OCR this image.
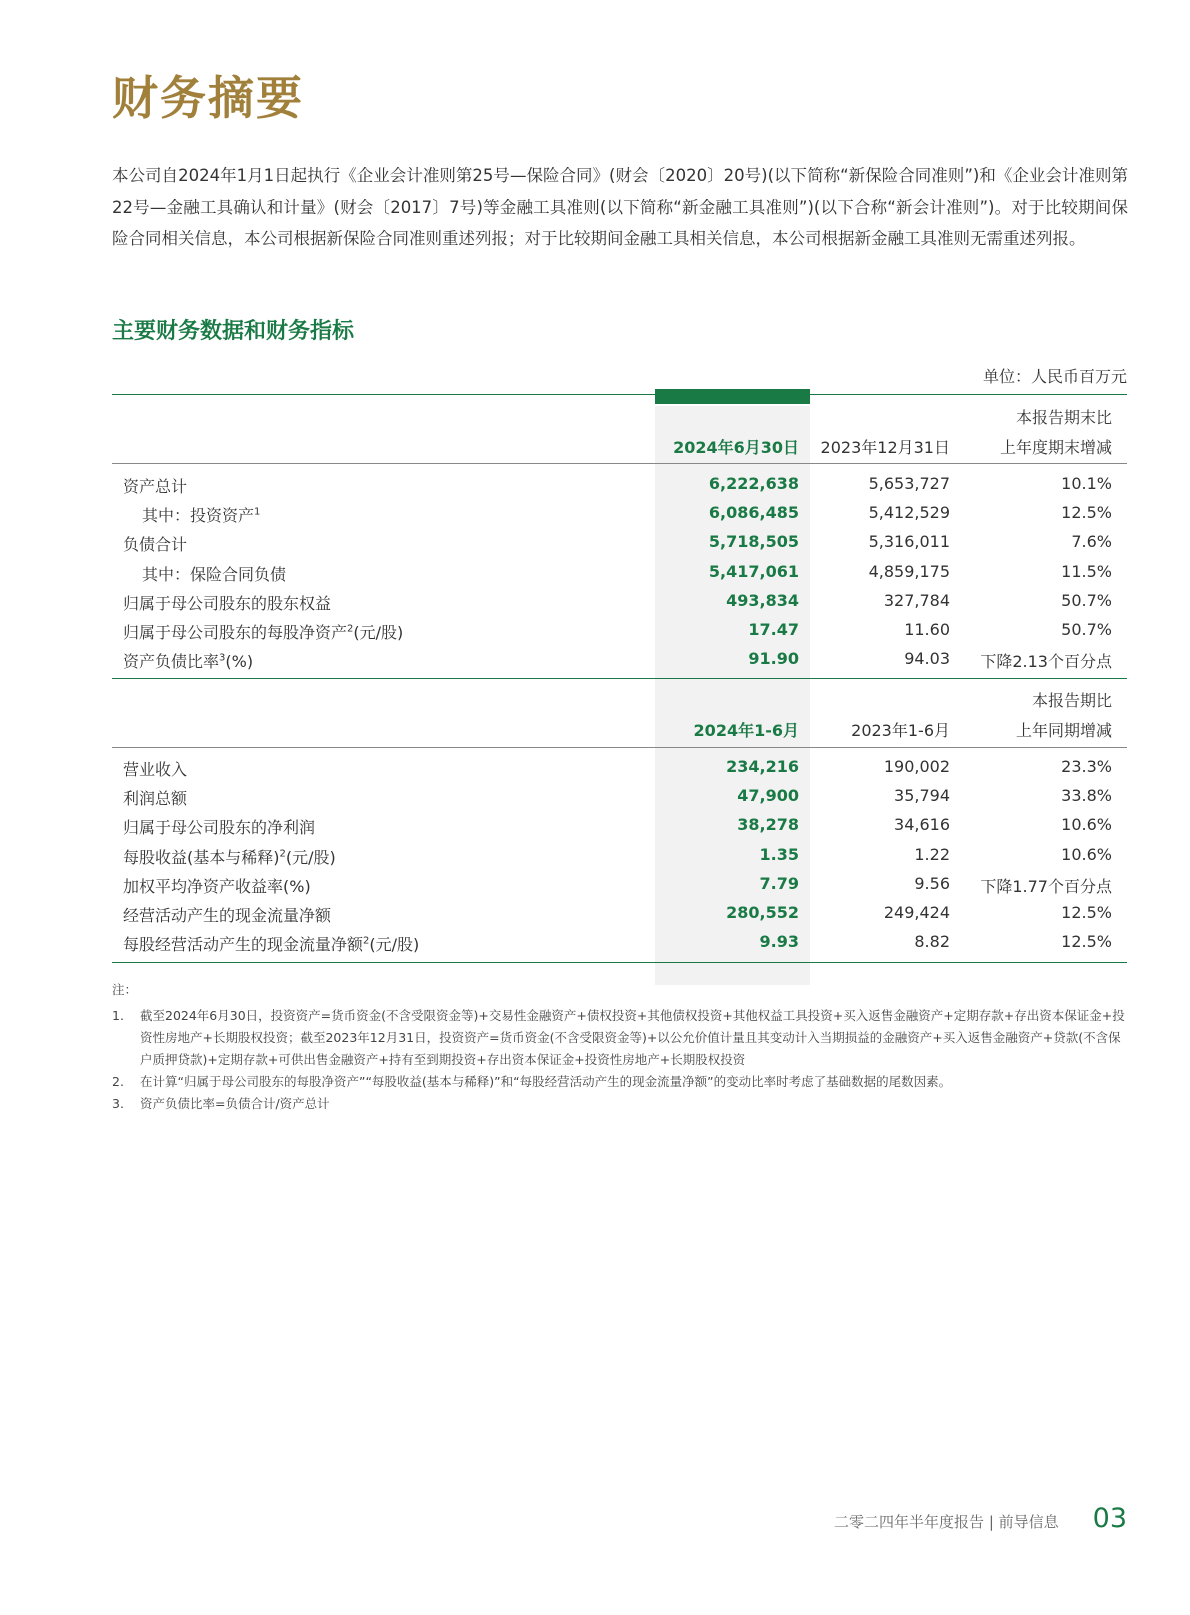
财务摘要

本公司自2024年1月1日起执行《企业会计准则第25号—保险合同》(财会〔2020〕20号)(以下简称“新保险合同准则”)和《企业会计准则第22号—金融工具确认和计量》(财会〔2017〕7号)等金融工具准则(以下简称“新金融工具准则”)(以下合称“新会计准则”)。对于比较期间保险合同相关信息，本公司根据新保险合同准则重述列报；对于比较期间金融工具相关信息，本公司根据新金融工具准则无需重述列报。

主要财务数据和财务指标
单位：人民币百万元
本报告期末比
2024年6月30日 2023年12月31日	上年度期末增减
资产总计	6,222,638	5,653,727	10.1%
其中：投资资产$^1$	6,086,485	5,412,529	12.5%
负债合计	5,718,505	5,316,011	7.6%
其中：保险合同负债	5,417,061	4,859,175	11.5%
归属于母公司股东的股东权益	493,834	327,784	50.7%
归属于母公司股东的每股净资产$^2$(元/股)	17.47	11.60	50.7%
资产负债比率$^3$(%)	91.90	94.03 下降2.13个百分点
本报告期比
2024年1-6月	2023年1-6月	上年同期增减
营业收入	234,216	190,002	23.3%
利润总额	47,900	35,794	33.8%
归属于母公司股东的净利润	38,278	34,616	10.6%
每股收益(基本与稀释)$^2$(元/股)	1.35	1.22	10.6%
加权平均净资产收益率(%)	7.79	9.56 下降1.77个百分点
经营活动产生的现金流量净额	280,552	249,424	12.5%
每股经营活动产生的现金流量净额$^2$(元/股)	9.93	8.82	12.5%
注：
1. 截至2024年6月30日，投资资产=货币资金(不含受限资金等)+交易性金融资产+债权投资+其他债权投资+其他权益工具投资+买入返售金融资产+定期存款+存出资本保证金+投资性房地产+长期股权投资；截至2023年12月31日，投资资产=货币资金(不含受限资金等)+以公允价值计量且其变动计入当期损益的金融资产+买入返售金融资产+贷款(不含保户质押贷款)+定期存款+可供出售金融资产+持有至到期投资+存出资本保证金+投资性房地产+长期股权投资
2. 在计算“归属于母公司股东的每股净资产”“每股收益(基本与稀释)”和“每股经营活动产生的现金流量净额”的变动比率时考虑了基础数据的尾数因素。
3. 资产负债比率=负债合计/资产总计
二零二四年半年度报告 | 前导信息 03
